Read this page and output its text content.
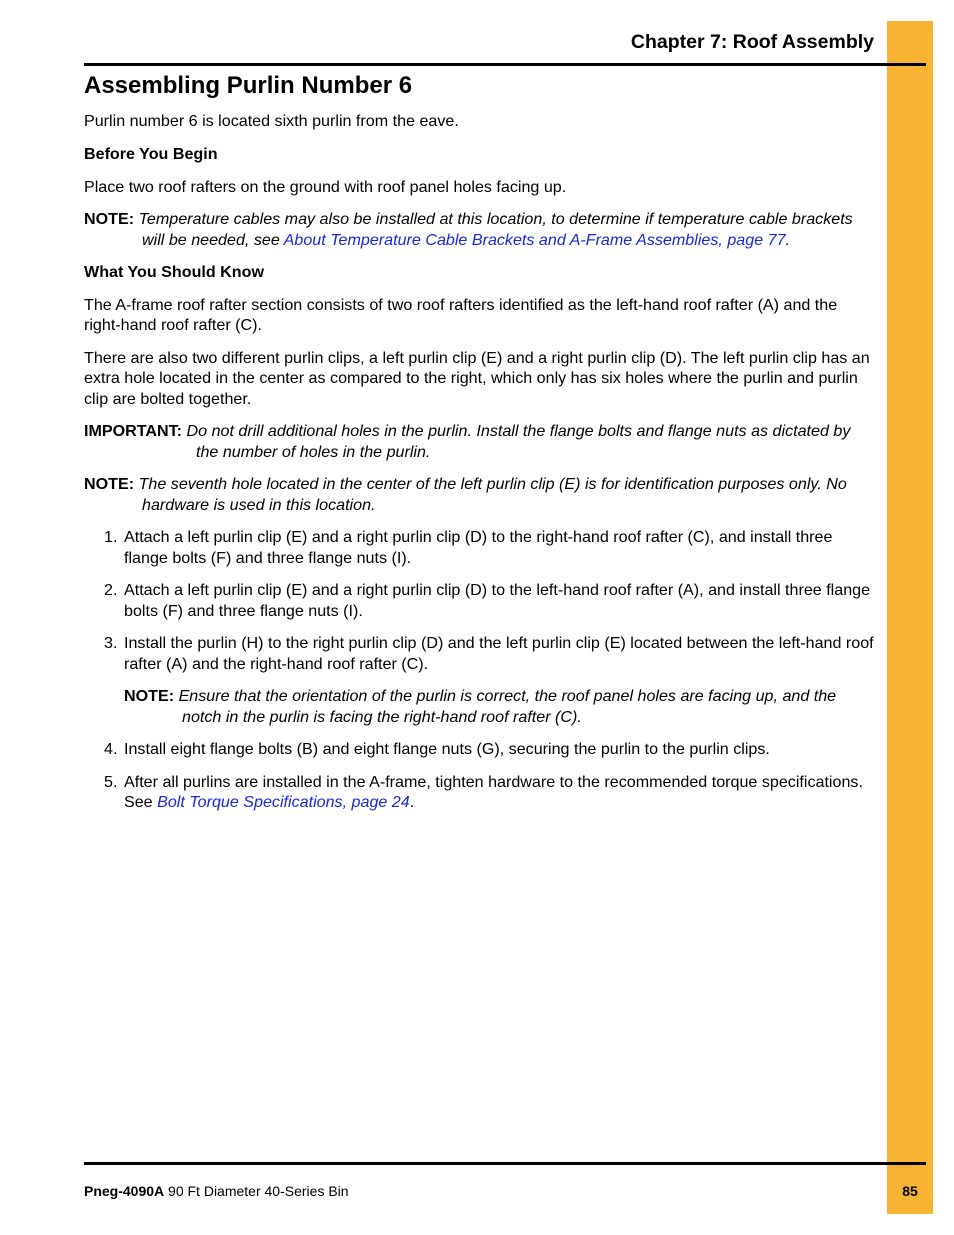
Chapter 7: Roof Assembly
Assembling Purlin Number 6

Purlin number 6 is located sixth purlin from the eave.

Before You Begin

Place two roof rafters on the ground with roof panel holes facing up.

NOTE: Temperature cables may also be installed at this location, to determine if temperature cable brackets will be needed, see About Temperature Cable Brackets and A-Frame Assemblies, page 77.

What You Should Know

The A-frame roof rafter section consists of two roof rafters identified as the left-hand roof rafter (A) and the right-hand roof rafter (C).

There are also two different purlin clips, a left purlin clip (E) and a right purlin clip (D). The left purlin clip has an extra hole located in the center as compared to the right, which only has six holes where the purlin and purlin clip are bolted together.

IMPORTANT: Do not drill additional holes in the purlin. Install the flange bolts and flange nuts as dictated by the number of holes in the purlin.

NOTE: The seventh hole located in the center of the left purlin clip (E) is for identification purposes only. No hardware is used in this location.

1. Attach a left purlin clip (E) and a right purlin clip (D) to the right-hand roof rafter (C), and install three flange bolts (F) and three flange nuts (I).
2. Attach a left purlin clip (E) and a right purlin clip (D) to the left-hand roof rafter (A), and install three flange bolts (F) and three flange nuts (I).
3. Install the purlin (H) to the right purlin clip (D) and the left purlin clip (E) located between the left-hand roof rafter (A) and the right-hand roof rafter (C).

NOTE: Ensure that the orientation of the purlin is correct, the roof panel holes are facing up, and the notch in the purlin is facing the right-hand roof rafter (C).

4. Install eight flange bolts (B) and eight flange nuts (G), securing the purlin to the purlin clips.
5. After all purlins are installed in the A-frame, tighten hardware to the recommended torque specifications. See Bolt Torque Specifications, page 24.
Pneg-4090A 90 Ft Diameter 40-Series Bin	85
